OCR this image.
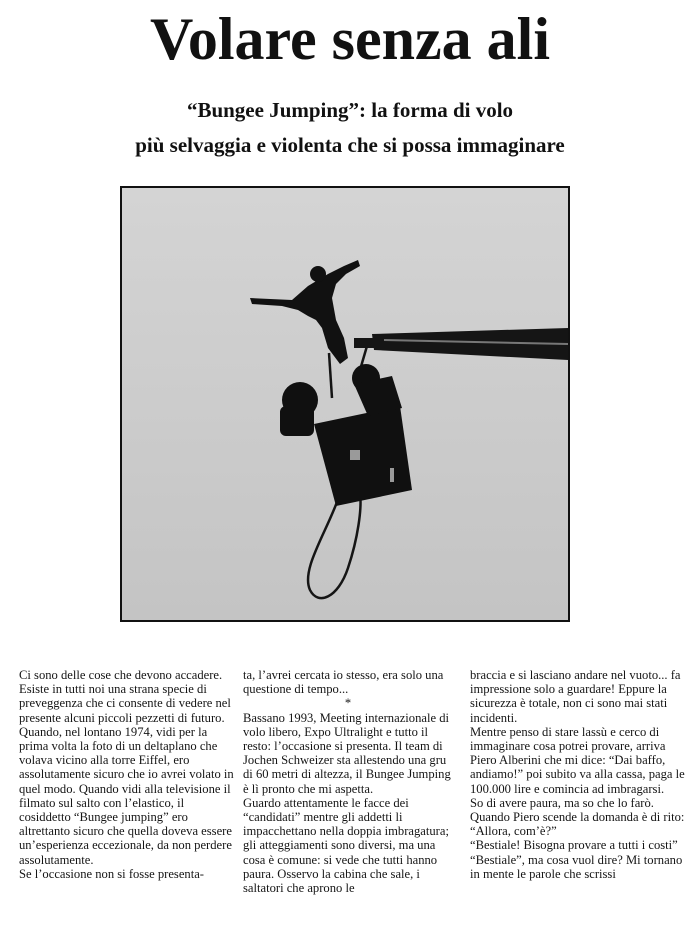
Volare senza ali
“Bungee Jumping”: la forma di volo
più selvaggia e violenta che si possa immaginare

Ci sono delle cose che devono accadere. Esiste in tutti noi una strana specie di preveggenza che ci consente di vedere nel presente alcuni piccoli pezzetti di futuro.

Quando, nel lontano 1974, vidi per la prima volta la foto di un deltaplano che volava vicino alla torre Eiffel, ero assolutamente sicuro che io avrei volato in quel modo. Quando vidi alla televisione il filmato sul salto con l’elastico, il cosiddetto “Bungee jumping” ero altrettanto sicuro che quella doveva essere un’esperienza eccezionale, da non perdere assolutamente.

Se l’occasione non si fosse presenta-

ta, l’avrei cercata io stesso, era solo una questione di tempo...

*

Bassano 1993, Meeting internazionale di volo libero, Expo Ultralight e tutto il resto: l’occasione si presenta. Il team di Jochen Schweizer sta allestendo una gru di 60 metri di altezza, il Bungee Jumping è lì pronto che mi aspetta.

Guardo attentamente le facce dei “candidati” mentre gli addetti li impacchettano nella doppia imbragatura; gli atteggiamenti sono diversi, ma una cosa è comune: si vede che tutti hanno paura. Osservo la cabina che sale, i saltatori che aprono le

braccia e si lasciano andare nel vuoto... fa impressione solo a guardare! Eppure la sicurezza è totale, non ci sono mai stati incidenti.

Mentre penso di stare lassù e cerco di immaginare cosa potrei provare, arriva Piero Alberini che mi dice: “Dai baffo, andiamo!” poi subito va alla cassa, paga le 100.000 lire e comincia ad imbragarsi.

So di avere paura, ma so che lo farò.

Quando Piero scende la domanda è di rito: “Allora, com’è?”

“Bestiale! Bisogna provare a tutti i costi”

“Bestiale”, ma cosa vuol dire? Mi tornano in mente le parole che scrissi
